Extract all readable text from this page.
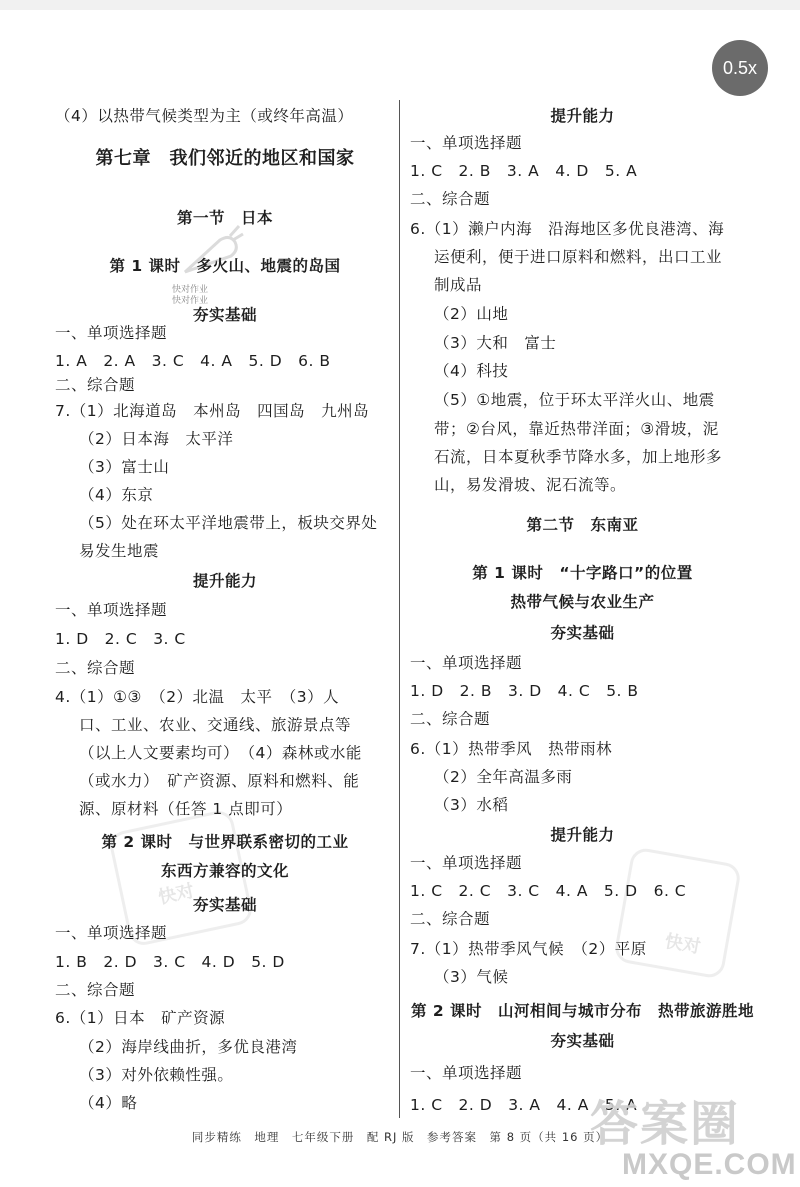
0.5x
快对
快对
快对作业
快对作业
（4）以热带气候类型为主（或终年高温）
第七章　我们邻近的地区和国家
第一节　日本
第 1 课时　多火山、地震的岛国
夯实基础
一、单项选择题
1. A　2. A　3. C　4. A　5. D　6. B
二、综合题
7.（1）北海道岛　本州岛　四国岛　九州岛
（2）日本海　太平洋
（3）富士山
（4）东京
（5）处在环太平洋地震带上，板块交界处
易发生地震
提升能力
一、单项选择题
1. D　2. C　3. C
二、综合题
4.（1）①③　（2）北温　太平　（3）人
口、工业、农业、交通线、旅游景点等
（以上人文要素均可）　（4）森林或水能
（或水力）　矿产资源、原料和燃料、能
源、原材料（任答 1 点即可）
第 2 课时　与世界联系密切的工业
东西方兼容的文化
夯实基础
一、单项选择题
1. B　2. D　3. C　4. D　5. D
二、综合题
6.（1）日本　矿产资源
（2）海岸线曲折，多优良港湾
（3）对外依赖性强。
（4）略
提升能力
一、单项选择题
1. C　2. B　3. A　4. D　5. A
二、综合题
6.（1）濑户内海　沿海地区多优良港湾、海
运便利，便于进口原料和燃料，出口工业
制成品
（2）山地
（3）大和　富士
（4）科技
（5）①地震，位于环太平洋火山、地震
带；②台风，靠近热带洋面；③滑坡，泥
石流，日本夏秋季节降水多，加上地形多
山，易发滑坡、泥石流等。
第二节　东南亚
第 1 课时　“十字路口”的位置
热带气候与农业生产
夯实基础
一、单项选择题
1. D　2. B　3. D　4. C　5. B
二、综合题
6.（1）热带季风　热带雨林
（2）全年高温多雨
（3）水稻
提升能力
一、单项选择题
1. C　2. C　3. C　4. A　5. D　6. C
二、综合题
7.（1）热带季风气候　（2）平原
（3）气候
第 2 课时　山河相间与城市分布　热带旅游胜地
夯实基础
一、单项选择题
1. C　2. D　3. A　4. A　5. A
同步精练　地理　七年级下册　配 RJ 版　参考答案　第 8 页（共 16 页）
答案圈
MXQE.COM
